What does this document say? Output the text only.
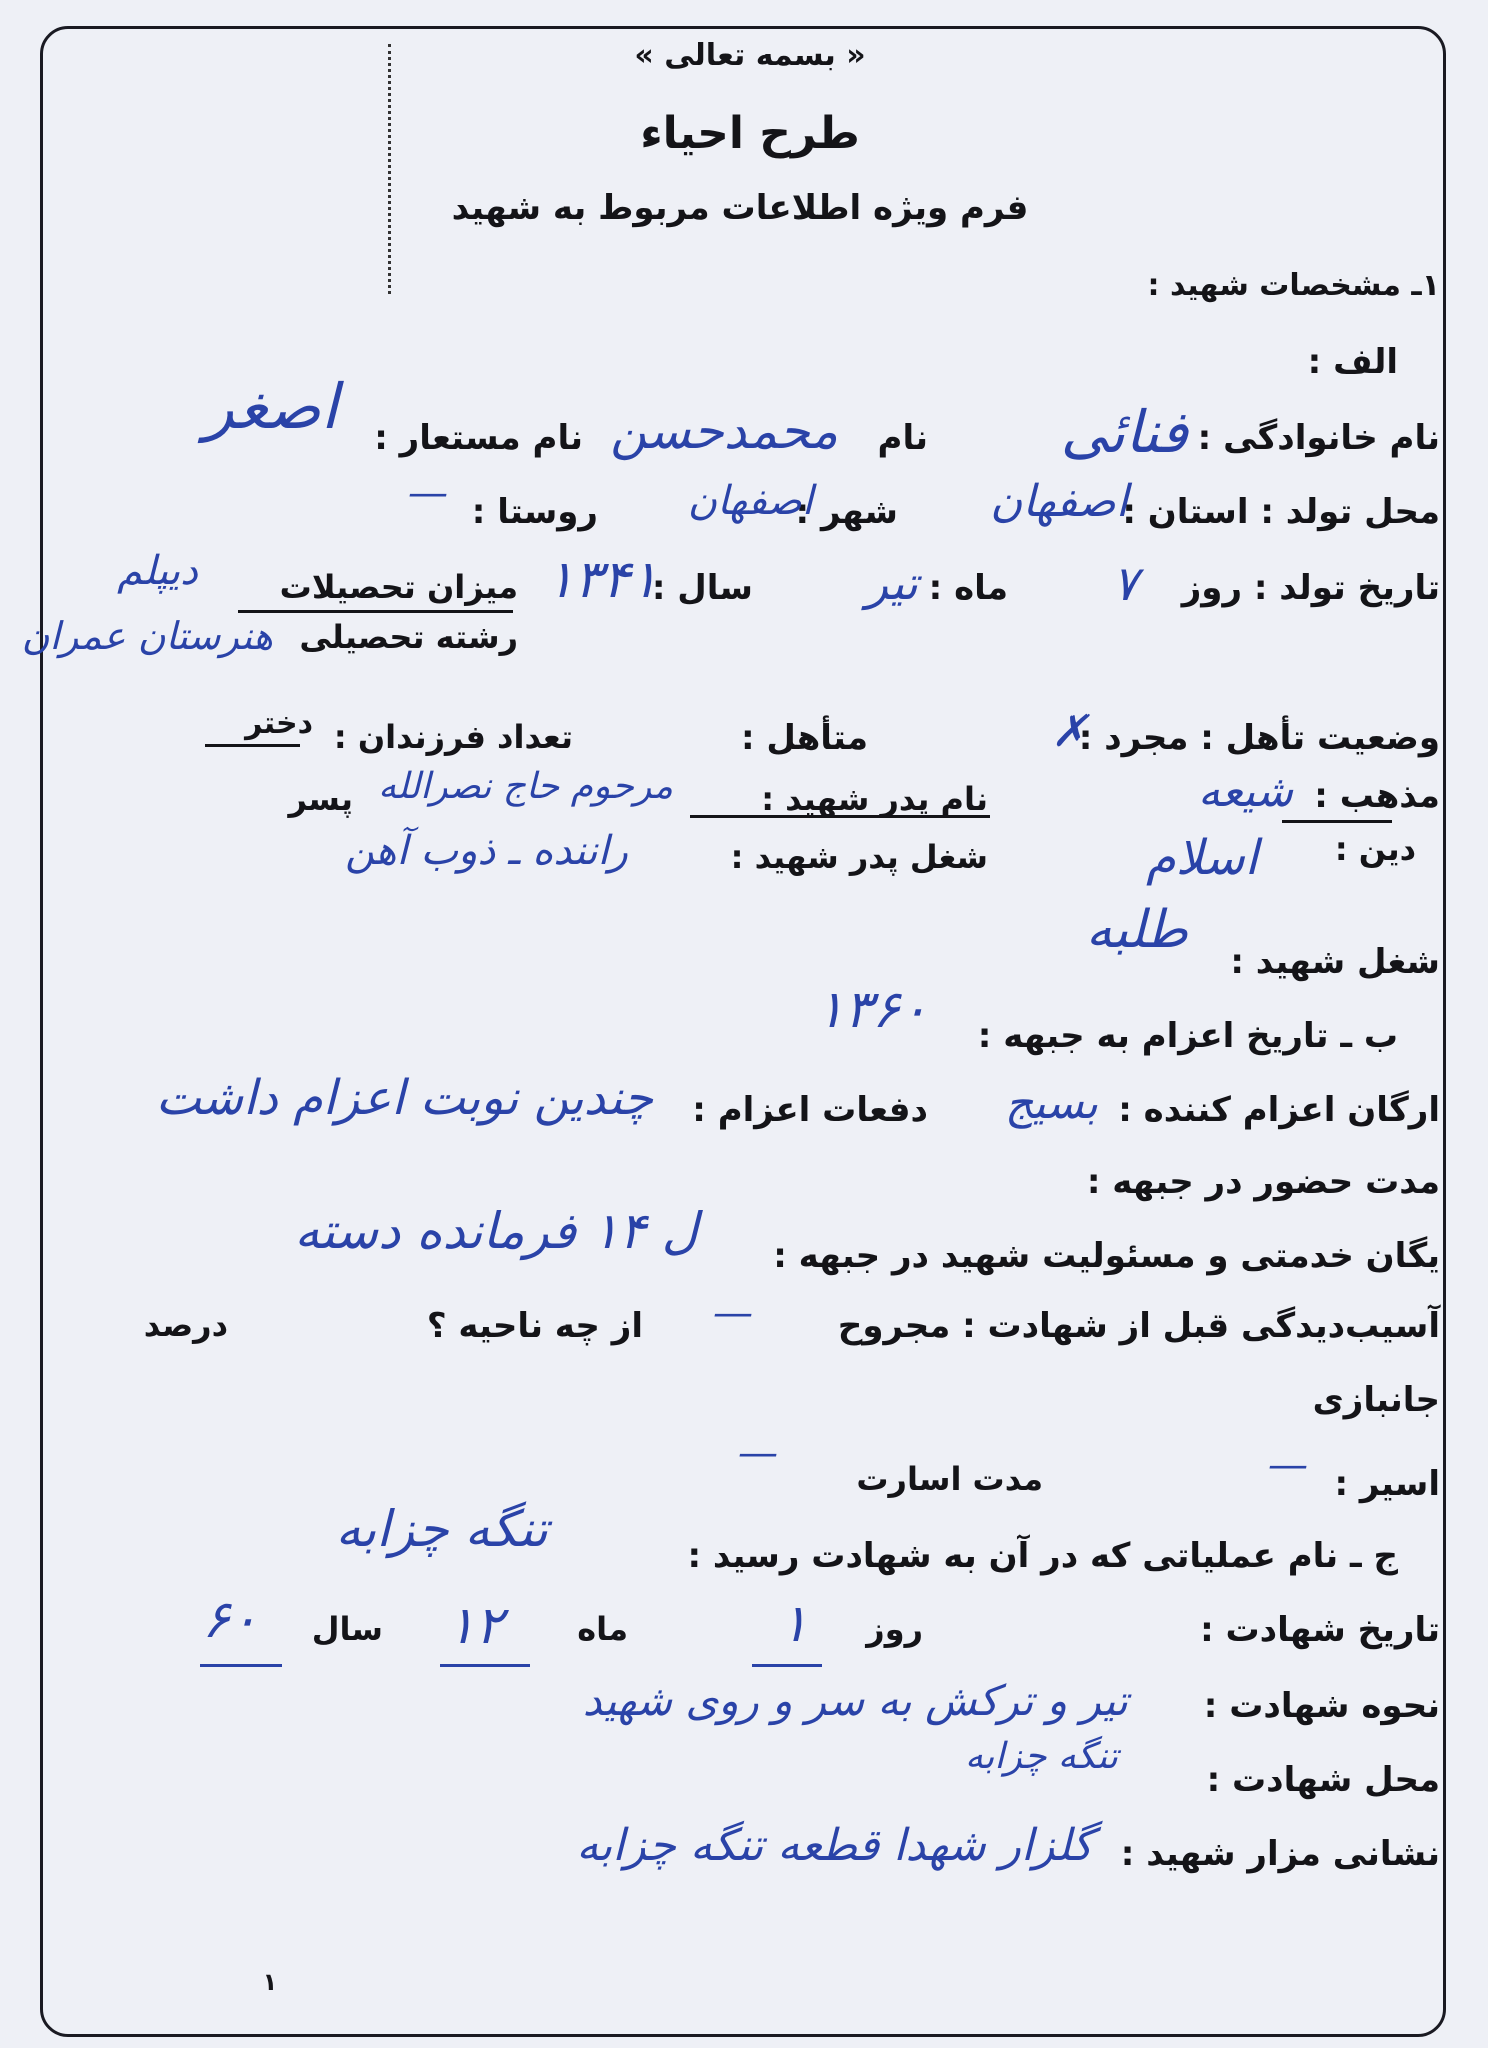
« بسمه تعالی »
طرح احیاء
فرم ویژه اطلاعات مربوط به شهید
۱ـ مشخصات شهید :
الف :
نام خانوادگی :
فنائی
نام
محمدحسن
نام مستعار :
اصغر
محل تولد : استان :
اصفهان
شهر :
اصفهان
روستا :
—
تاریخ تولد : روز
۷
ماه :
تیر
سال :
۱۳۴۱
میزان تحصیلات
دیپلم
رشته تحصیلی
هنرستان عمران
وضعیت تأهل : مجرد :
✗
متأهل :
تعداد فرزندان :
دختر
مذهب :
شیعه
نام پدر شهید :
مرحوم حاج نصرالله
پسر
دین :
اسلام
شغل پدر شهید :
راننده ـ ذوب آهن
شغل شهید :
طلبه
ب ـ تاریخ اعزام به جبهه :
۱۳۶۰
ارگان اعزام کننده :
بسیج
دفعات اعزام :
چندین نوبت اعزام داشت
مدت حضور در جبهه :
یگان خدمتی و مسئولیت شهید در جبهه :
ل ۱۴ فرمانده دسته
آسیب‌دیدگی قبل از شهادت : مجروح
—
از چه ناحیه ؟
درصد
جانبازی
اسیر :
—
مدت اسارت
—
ج ـ نام عملیاتی که در آن به شهادت رسید :
تنگه چزابه
تاریخ شهادت :
روز
۱
ماه
۱۲
سال
۶۰
نحوه شهادت :
تیر و ترکش به سر و روی شهید
محل شهادت :
تنگه چزابه
نشانی مزار شهید :
گلزار شهدا قطعه تنگه چزابه
۱
